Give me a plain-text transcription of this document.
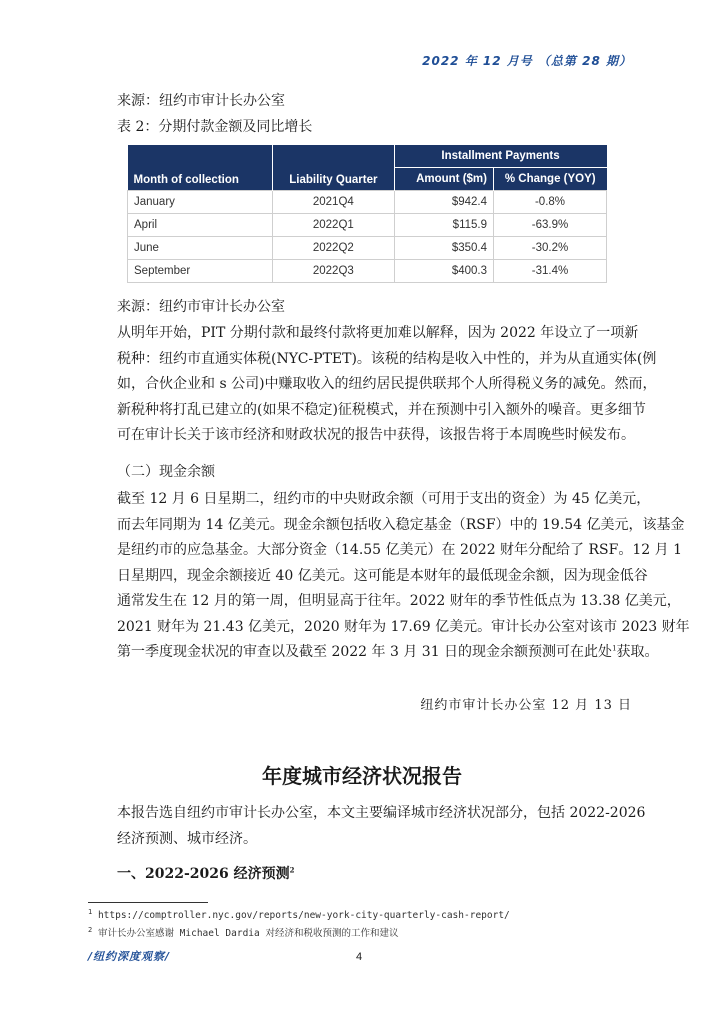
2022 年 12 月号 （总第 28 期）
来源：纽约市审计长办公室
表 2：分期付款金额及同比增长
Month of collection	Liability Quarter	Installment Payments	
		Amount ($m)	% Change (YOY)
January	2021Q4	$942.4	-0.8%
April	2022Q1	$115.9	-63.9%
June	2022Q2	$350.4	-30.2%
September	2022Q3	$400.3	-31.4%
来源：纽约市审计长办公室
从明年开始，PIT 分期付款和最终付款将更加难以解释，因为 2022 年设立了一项新
税种：纽约市直通实体税(NYC-PTET)。该税的结构是收入中性的，并为从直通实体(例
如，合伙企业和 s 公司)中赚取收入的纽约居民提供联邦个人所得税义务的减免。然而，
新税种将打乱已建立的(如果不稳定)征税模式，并在预测中引入额外的噪音。更多细节
可在审计长关于该市经济和财政状况的报告中获得，该报告将于本周晚些时候发布。
（二）现金余额
截至 12 月 6 日星期二，纽约市的中央财政余额（可用于支出的资金）为 45 亿美元，
而去年同期为 14 亿美元。现金余额包括收入稳定基金（RSF）中的 19.54 亿美元，该基金
是纽约市的应急基金。大部分资金（14.55 亿美元）在 2022 财年分配给了 RSF。12 月 1
日星期四，现金余额接近 40 亿美元。这可能是本财年的最低现金余额，因为现金低谷
通常发生在 12 月的第一周，但明显高于往年。2022 财年的季节性低点为 13.38 亿美元，
2021 财年为 21.43 亿美元，2020 财年为 17.69 亿美元。审计长办公室对该市 2023 财年
第一季度现金状况的审查以及截至 2022 年 3 月 31 日的现金余额预测可在此处$^1$获取。
纽约市审计长办公室 12 月 13 日
年度城市经济状况报告
本报告选自纽约市审计长办公室，本文主要编译城市经济状况部分，包括 2022-2026
经济预测、城市经济。
一、2022-2026 经济预测$^2$
$^1$ https://comptroller.nyc.gov/reports/new-york-city-quarterly-cash-report/
$^2$ 审计长办公室感谢 Michael Dardia 对经济和税收预测的工作和建议
/纽约深度观察/	4
